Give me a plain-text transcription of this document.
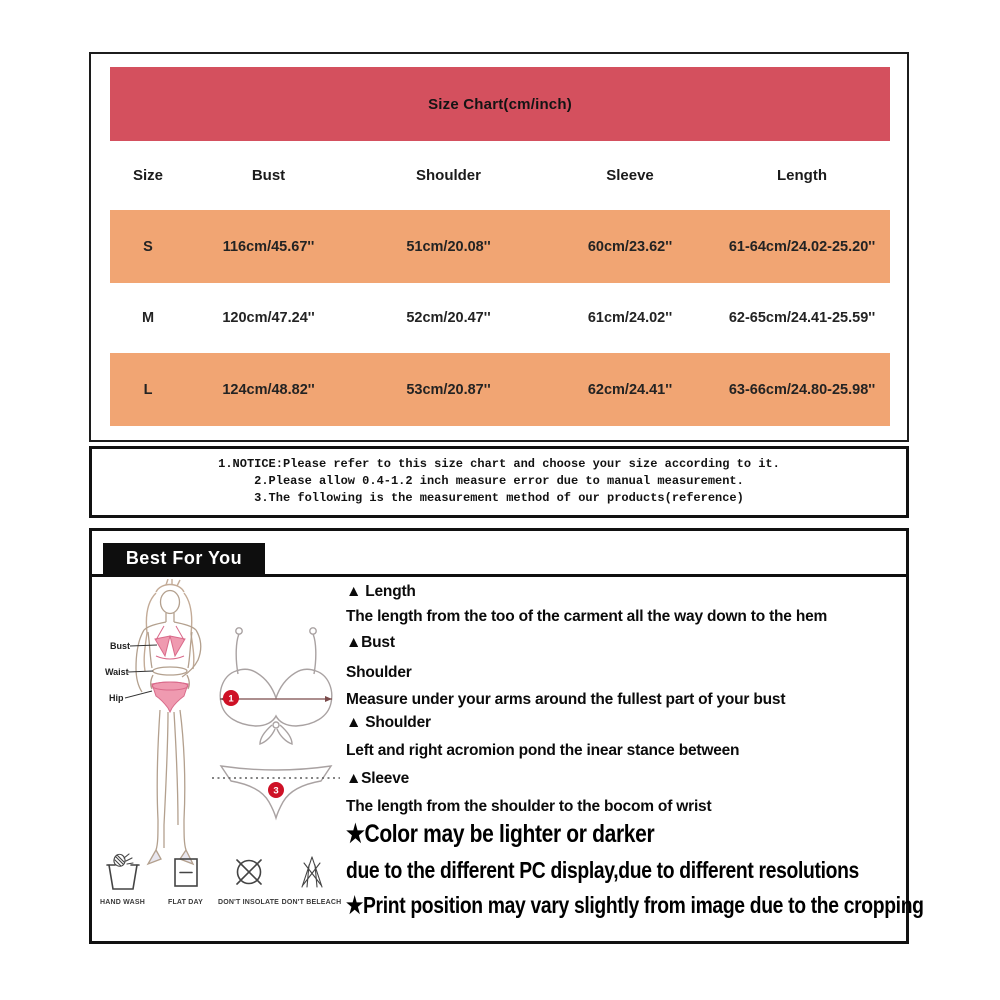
Size Chart(cm/inch)
Size	Bust	Shoulder	Sleeve	Length
S	116cm/45.67''	51cm/20.08''	60cm/23.62''	61-64cm/24.02-25.20''
M	120cm/47.24''	52cm/20.47''	61cm/24.02''	62-65cm/24.41-25.59''
L	124cm/48.82''	53cm/20.87''	62cm/24.41''	63-66cm/24.80-25.98''
1.NOTICE:Please refer to this size chart and choose your size according to it.
2.Please allow 0.4-1.2 inch measure error due to manual measurement.
3.The following is the measurement method of our products(reference)
Best For You
Bust
Waist
Hip	1
3
▲ Length
The length from the too of the carment all the way down to the hem
▲Bust
Shoulder
Measure under your arms around the fullest part of your bust
▲ Shoulder
Left and right acromion pond the inear stance between
▲Sleeve
The length from the shoulder to the bocom of wrist
★Color may be lighter or darker
due to the different PC display,due to different resolutions
★Print position may vary slightly from image due to the cropping
HAND WASH	FLAT DAY DON'T INSOLATE DON'T BELEACH
